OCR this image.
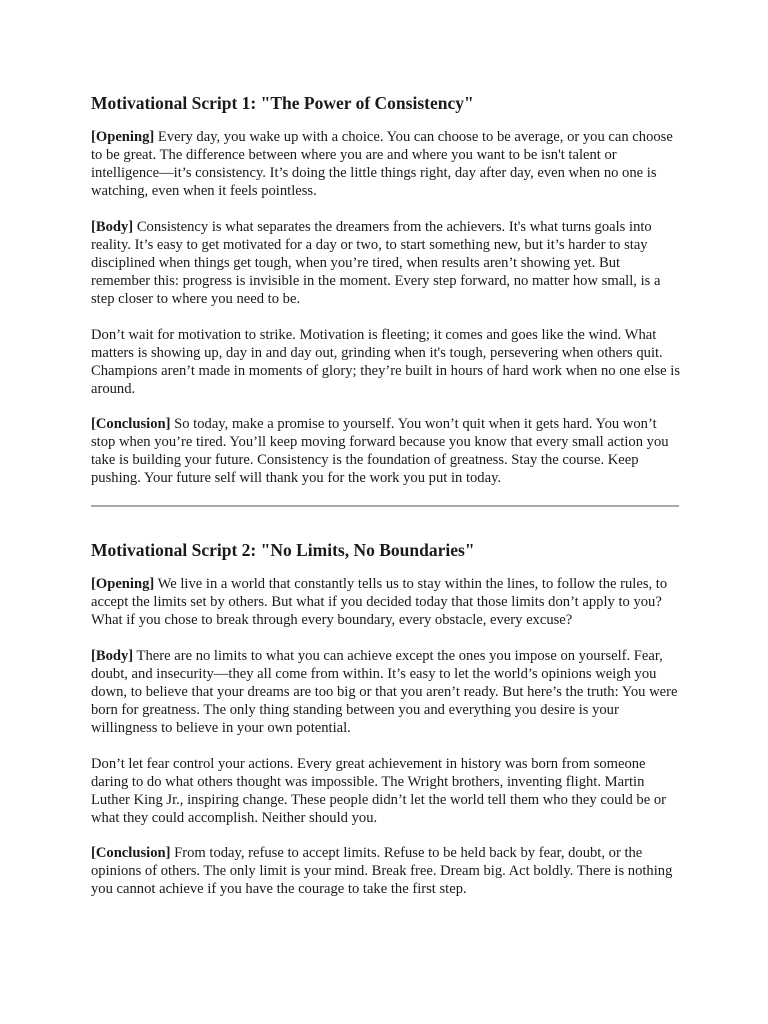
Motivational Script 1: "The Power of Consistency"

[Opening] Every day, you wake up with a choice. You can choose to be average, or you can choose to be great. The difference between where you are and where you want to be isn't talent or intelligence—it’s consistency. It’s doing the little things right, day after day, even when no one is watching, even when it feels pointless.

[Body] Consistency is what separates the dreamers from the achievers. It's what turns goals into reality. It’s easy to get motivated for a day or two, to start something new, but it’s harder to stay disciplined when things get tough, when you’re tired, when results aren’t showing yet. But remember this: progress is invisible in the moment. Every step forward, no matter how small, is a step closer to where you need to be.

Don’t wait for motivation to strike. Motivation is fleeting; it comes and goes like the wind. What matters is showing up, day in and day out, grinding when it's tough, persevering when others quit. Champions aren’t made in moments of glory; they’re built in hours of hard work when no one else is around.

[Conclusion] So today, make a promise to yourself. You won’t quit when it gets hard. You won’t stop when you’re tired. You’ll keep moving forward because you know that every small action you take is building your future. Consistency is the foundation of greatness. Stay the course. Keep pushing. Your future self will thank you for the work you put in today.

Motivational Script 2: "No Limits, No Boundaries"

[Opening] We live in a world that constantly tells us to stay within the lines, to follow the rules, to accept the limits set by others. But what if you decided today that those limits don’t apply to you? What if you chose to break through every boundary, every obstacle, every excuse?

[Body] There are no limits to what you can achieve except the ones you impose on yourself. Fear, doubt, and insecurity—they all come from within. It’s easy to let the world’s opinions weigh you down, to believe that your dreams are too big or that you aren’t ready. But here’s the truth: You were born for greatness. The only thing standing between you and everything you desire is your willingness to believe in your own potential.

Don’t let fear control your actions. Every great achievement in history was born from someone daring to do what others thought was impossible. The Wright brothers, inventing flight. Martin Luther King Jr., inspiring change. These people didn’t let the world tell them who they could be or what they could accomplish. Neither should you.

[Conclusion] From today, refuse to accept limits. Refuse to be held back by fear, doubt, or the opinions of others. The only limit is your mind. Break free. Dream big. Act boldly. There is nothing you cannot achieve if you have the courage to take the first step.
